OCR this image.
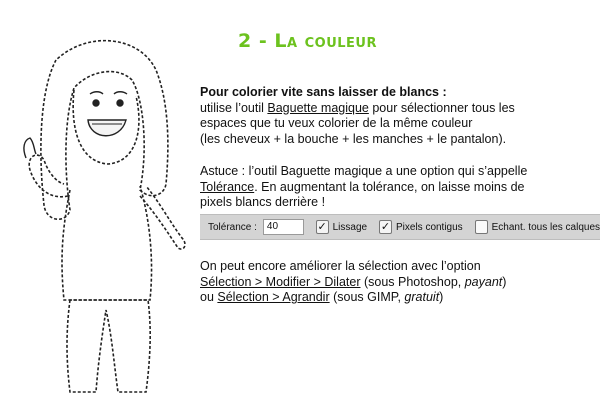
2 - La couleur
Pour colorier vite sans laisser de blancs :
utilise l’outil Baguette magique pour sélectionner tous les
espaces que tu veux colorier de la même couleur
(les cheveux + la bouche + les manches + le pantalon).
Astuce : l’outil Baguette magique a une option qui s’appelle
Tolérance. En augmentant la tolérance, on laisse moins de
pixels blancs derrière !
Tolérance :	40	✓ Lissage ✓ Pixels contigus	Echant. tous les calques
On peut encore améliorer la sélection avec l’option
Sélection > Modifier > Dilater (sous Photoshop, payant)
ou Sélection > Agrandir (sous GIMP, gratuit)
